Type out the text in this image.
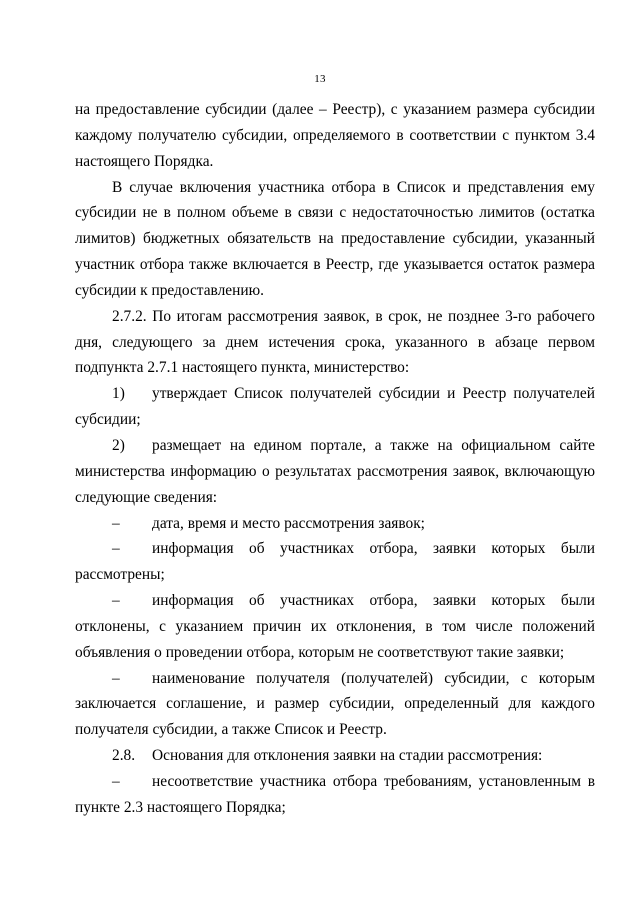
13

на предоставление субсидии (далее – Реестр), с указанием размера субсидии каждому получателю субсидии, определяемого в соответствии с пунктом 3.4 настоящего Порядка.

В случае включения участника отбора в Список и представления ему субсидии не в полном объеме в связи с недостаточностью лимитов (остатка лимитов) бюджетных обязательств на предоставление субсидии, указанный участник отбора также включается в Реестр, где указывается остаток размера субсидии к предоставлению.

2.7.2. По итогам рассмотрения заявок, в срок, не позднее 3-го рабочего дня, следующего за днем истечения срока, указанного в абзаце первом подпункта 2.7.1 настоящего пункта, министерство:

1) утверждает Список получателей субсидии и Реестр получателей субсидии;
2) размещает на едином портале, а также на официальном сайте министерства информацию о результатах рассмотрения заявок, включающую следующие сведения:
– дата, время и место рассмотрения заявок;
– информация об участниках отбора, заявки которых были рассмотрены;
– информация об участниках отбора, заявки которых были отклонены, с указанием причин их отклонения, в том числе положений объявления о проведении отбора, которым не соответствуют такие заявки;
– наименование получателя (получателей) субсидии, с которым заключается соглашение, и размер субсидии, определенный для каждого получателя субсидии, а также Список и Реестр.
2.8. Основания для отклонения заявки на стадии рассмотрения:
– несоответствие участника отбора требованиям, установленным в пункте 2.3 настоящего Порядка;
